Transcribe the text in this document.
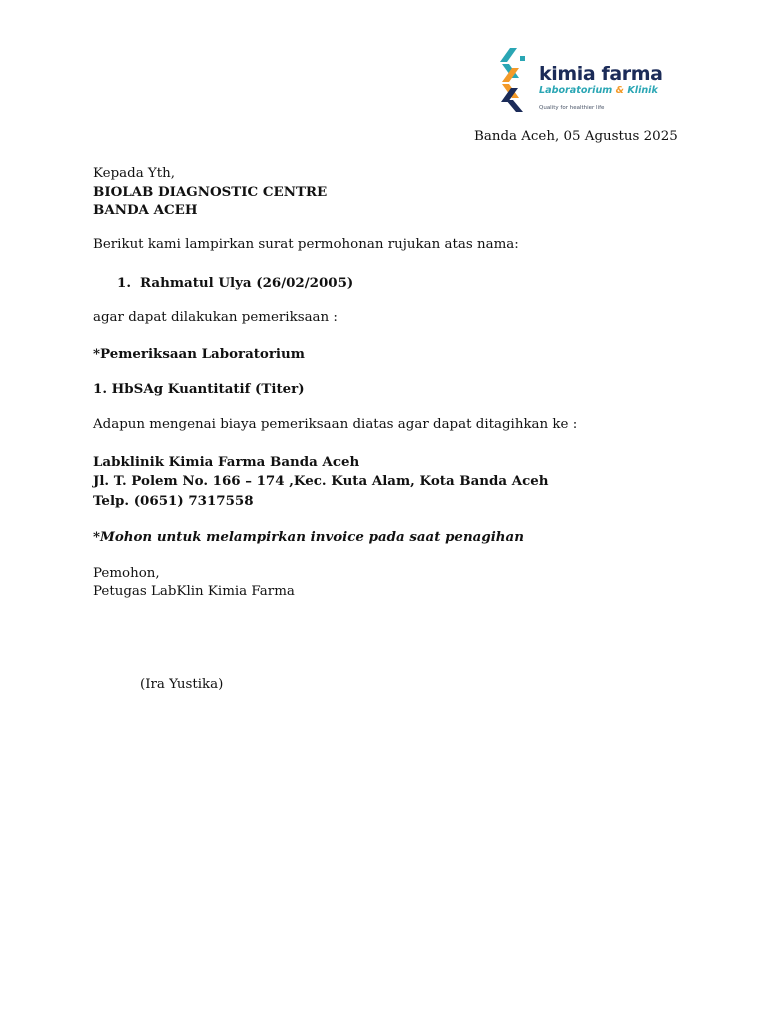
kimia farma
Laboratorium & Klinik
Quality for healthier life
Banda Aceh, 05 Agustus 2025
Kepada Yth,
BIOLAB DIAGNOSTIC CENTRE
BANDA ACEH
Berikut kami lampirkan surat permohonan rujukan atas nama:
1. Rahmatul Ulya (26/02/2005)
agar dapat dilakukan pemeriksaan :
*Pemeriksaan Laboratorium
1. HbSAg Kuantitatif (Titer)
Adapun mengenai biaya pemeriksaan diatas agar dapat ditagihkan ke :
Labklinik Kimia Farma Banda Aceh
Jl. T. Polem No. 166 – 174 ,Kec. Kuta Alam, Kota Banda Aceh
Telp. (0651) 7317558
*Mohon untuk melampirkan invoice pada saat penagihan
Pemohon,
Petugas LabKlin Kimia Farma
(Ira Yustika)
